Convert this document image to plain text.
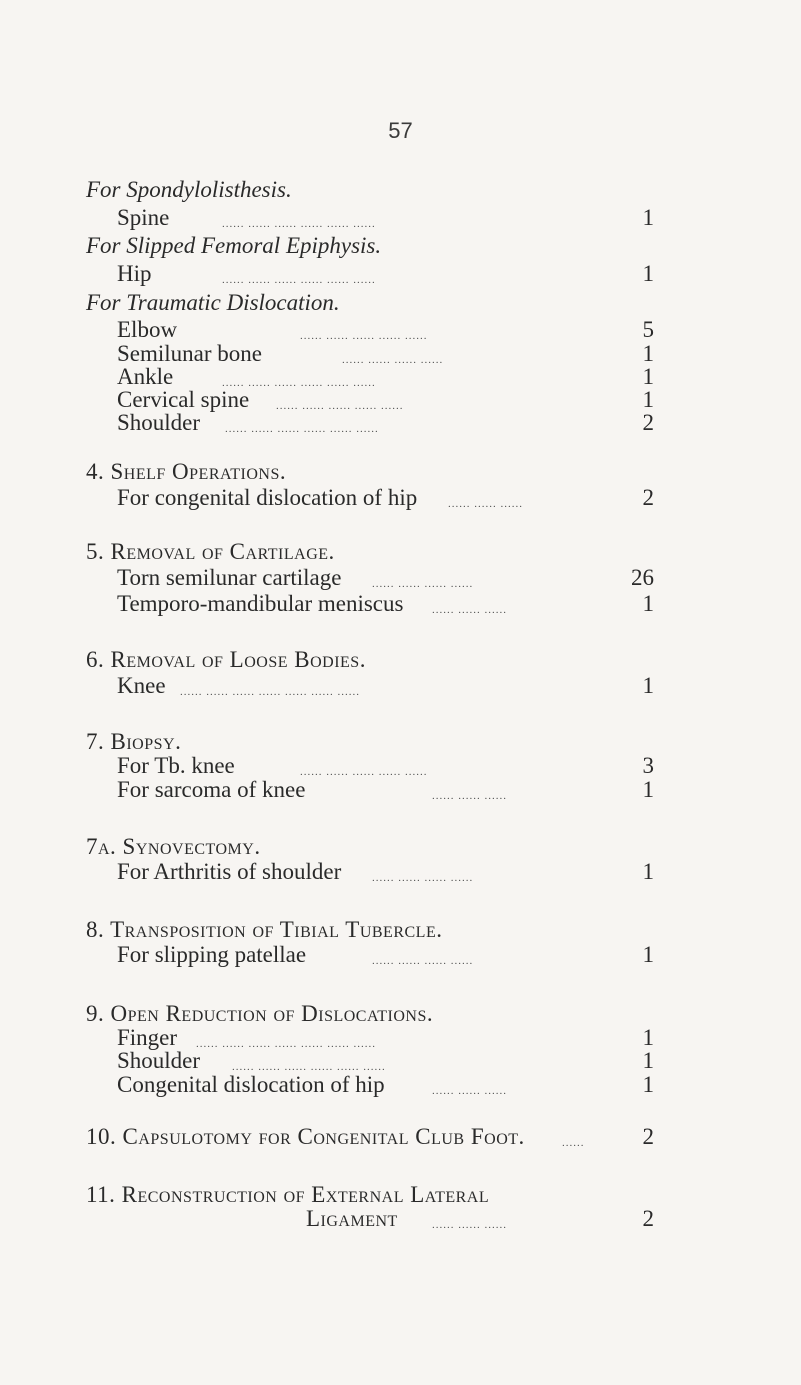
57
For Spondylolisthesis.
Spine	...... ...... ...... ...... ...... ......	1
For Slipped Femoral Epiphysis.
Hip	...... ...... ...... ...... ...... ......	1
For Traumatic Dislocation.
Elbow	...... ...... ...... ...... ......	5
Semilunar bone	...... ...... ...... ......	1
Ankle	...... ...... ...... ...... ...... ......	1
Cervical spine ...... ...... ...... ...... ......	1
Shoulder ...... ...... ...... ...... ...... ......	2
4. Shelf Operations.
For congenital dislocation of hip	...... ...... ......	2
5. Removal of Cartilage.
Torn semilunar cartilage	...... ...... ...... ......	26
Temporo-mandibular meniscus	...... ...... ......	1
6. Removal of Loose Bodies.
Knee ...... ...... ...... ...... ...... ...... ......	1
7. Biopsy.
For Tb. knee	...... ...... ...... ...... ......	3
For sarcoma of knee	...... ...... ......	1
7a. Synovectomy.
For Arthritis of shoulder	...... ...... ...... ......	1
8. Transposition of Tibial Tubercle.
For slipping patellae	...... ...... ...... ......	1
9. Open Reduction of Dislocations.
Finger ...... ...... ...... ...... ...... ...... ......	1
Shoulder	...... ...... ...... ...... ...... ......	1
Congenital dislocation of hip	...... ...... ......	1
10. Capsulotomy for Congenital Club Foot.	......	2
11. Reconstruction of External Lateral
Ligament	...... ...... ......	2
